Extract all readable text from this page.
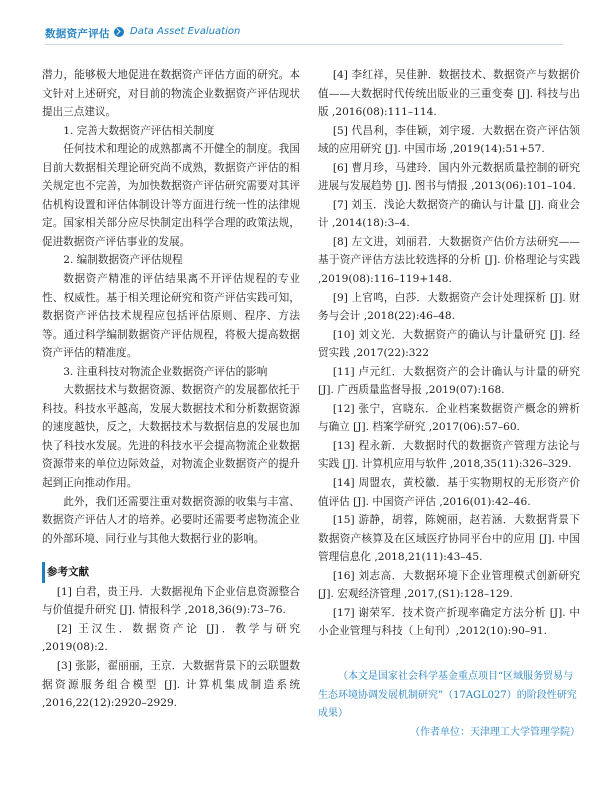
数据资产评估 Data Asset Evaluation

潜力，能够极大地促进在数据资产评估方面的研究。本文针对上述研究，对目前的物流企业数据资产评估现状提出三点建议。

1. 完善大数据资产评估相关制度

任何技术和理论的成熟都离不开健全的制度。我国目前大数据相关理论研究尚不成熟，数据资产评估的相关规定也不完善，为加快数据资产评估研究需要对其评估机构设置和评估体制设计等方面进行统一性的法律规定。国家相关部分应尽快制定出科学合理的政策法规，促进数据资产评估事业的发展。

2. 编制数据资产评估规程

数据资产精准的评估结果离不开评估规程的专业性、权威性。基于相关理论研究和资产评估实践可知，数据资产评估技术规程应包括评估原则、程序、方法等。通过科学编制数据资产评估规程，将极大提高数据资产评估的精准度。

3. 注重科技对物流企业数据资产评估的影响

大数据技术与数据资源、数据资产的发展都依托于科技。科技水平越高，发展大数据技术和分析数据资源的速度越快，反之，大数据技术与数据信息的发展也加快了科技水发展。先进的科技水平会提高物流企业数据资源带来的单位边际效益，对物流企业数据资产的提升起到正向推动作用。

此外，我们还需要注重对数据资源的收集与丰富、数据资产评估人才的培养。必要时还需要考虑物流企业的外部环境、同行业与其他大数据行业的影响。

参考文献

[1] 白君，贵王丹．大数据视角下企业信息资源整合与价值提升研究 [J]. 情报科学 ,2018,36(9):73–76.

[2] 王汉生．数据资产论 [J]．教学与研究 ,2019(08):2.

[3] 张影，翟丽丽，王京．大数据背景下的云联盟数据资源服务组合模型 [J]. 计算机集成制造系统 ,2016,22(12):2920–2929.

[4] 李红祥，吴佳翀．数据技术、数据资产与数据价值——大数据时代传统出版业的三重变奏 [J]. 科技与出版 ,2016(08):111–114.

[5] 代昌利，李佳颖，刘宇瑷．大数据在资产评估领域的应用研究 [J]. 中国市场 ,2019(14):51+57.

[6] 曹月珍，马建玲．国内外元数据质量控制的研究进展与发展趋势 [J]. 图书与情报 ,2013(06):101–104.

[7] 刘玉．浅论大数据资产的确认与计量 [J]. 商业会计 ,2014(18):3–4.

[8] 左文进，刘丽君．大数据资产估价方法研究——基于资产评估方法比较选择的分析 [J]. 价格理论与实践 ,2019(08):116–119+148.

[9] 上官鸣，白莎．大数据资产会计处理探析 [J]. 财务与会计 ,2018(22):46–48.

[10] 刘文光．大数据资产的确认与计量研究 [J]. 经贸实践 ,2017(22):322

[11] 卢元红．大数据资产的会计确认与计量的研究 [J]. 广西质量监督导报 ,2019(07):168.

[12] 张宁，宫晓东．企业档案数据资产概念的辨析与确立 [J]. 档案学研究 ,2017(06):57–60.

[13] 程永新．大数据时代的数据资产管理方法论与实践 [J]. 计算机应用与软件 ,2018,35(11):326–329.

[14] 周盟农，黄校徽．基于实物期权的无形资产价值评估 [J]. 中国资产评估 ,2016(01):42–46.

[15] 游静，胡蓉，陈婉丽，赵若涵．大数据背景下数据资产核算及在区域医疗协同平台中的应用 [J]. 中国管理信息化 ,2018,21(11):43–45.

[16] 刘志高．大数据环境下企业管理模式创新研究 [J]. 宏观经济管理 ,2017,(S1):128–129.

[17] 谢荣军．技术资产折现率确定方法分析 [J]. 中小企业管理与科技（上旬刊）,2012(10):90–91.

（本文是国家社会科学基金重点项目“区域服务贸易与生态环境协调发展机制研究”（17AGL027）的阶段性研究成果）

（作者单位：天津理工大学管理学院）
